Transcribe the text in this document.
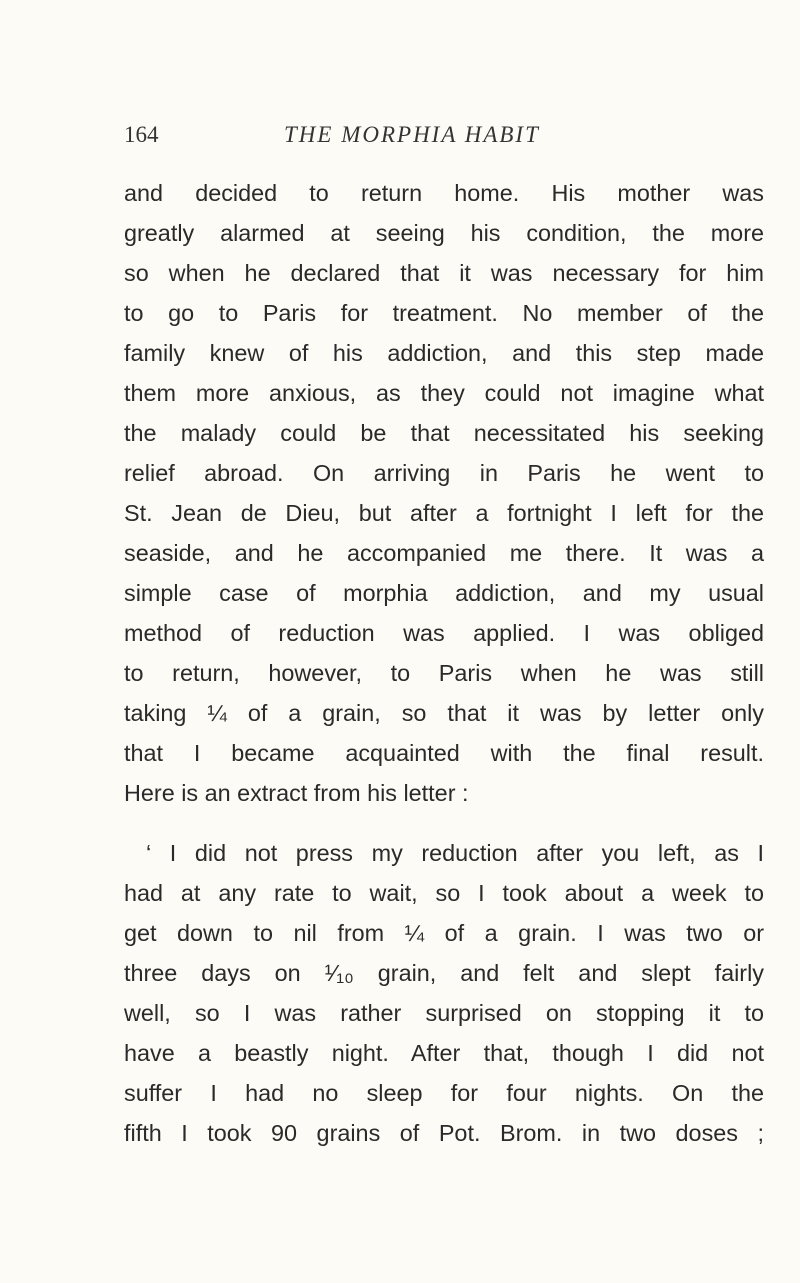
164	THE MORPHIA HABIT
and decided to return home. His mother was
greatly alarmed at seeing his condition, the more
so when he declared that it was necessary for him
to go to Paris for treatment. No member of the
family knew of his addiction, and this step made
them more anxious, as they could not imagine what
the malady could be that necessitated his seeking
relief abroad. On arriving in Paris he went to
St. Jean de Dieu, but after a fortnight I left for the
seaside, and he accompanied me there. It was a
simple case of morphia addiction, and my usual
method of reduction was applied. I was obliged
to return, however, to Paris when he was still
taking ¼ of a grain, so that it was by letter only
that I became acquainted with the final result.
Here is an extract from his letter :
‘ I did not press my reduction after you left, as I
had at any rate to wait, so I took about a week to
get down to nil from ¼ of a grain. I was two or
three days on ¹⁄₁₀ grain, and felt and slept fairly
well, so I was rather surprised on stopping it to
have a beastly night. After that, though I did not
suffer I had no sleep for four nights. On the
fifth I took 90 grains of Pot. Brom. in two doses ;
